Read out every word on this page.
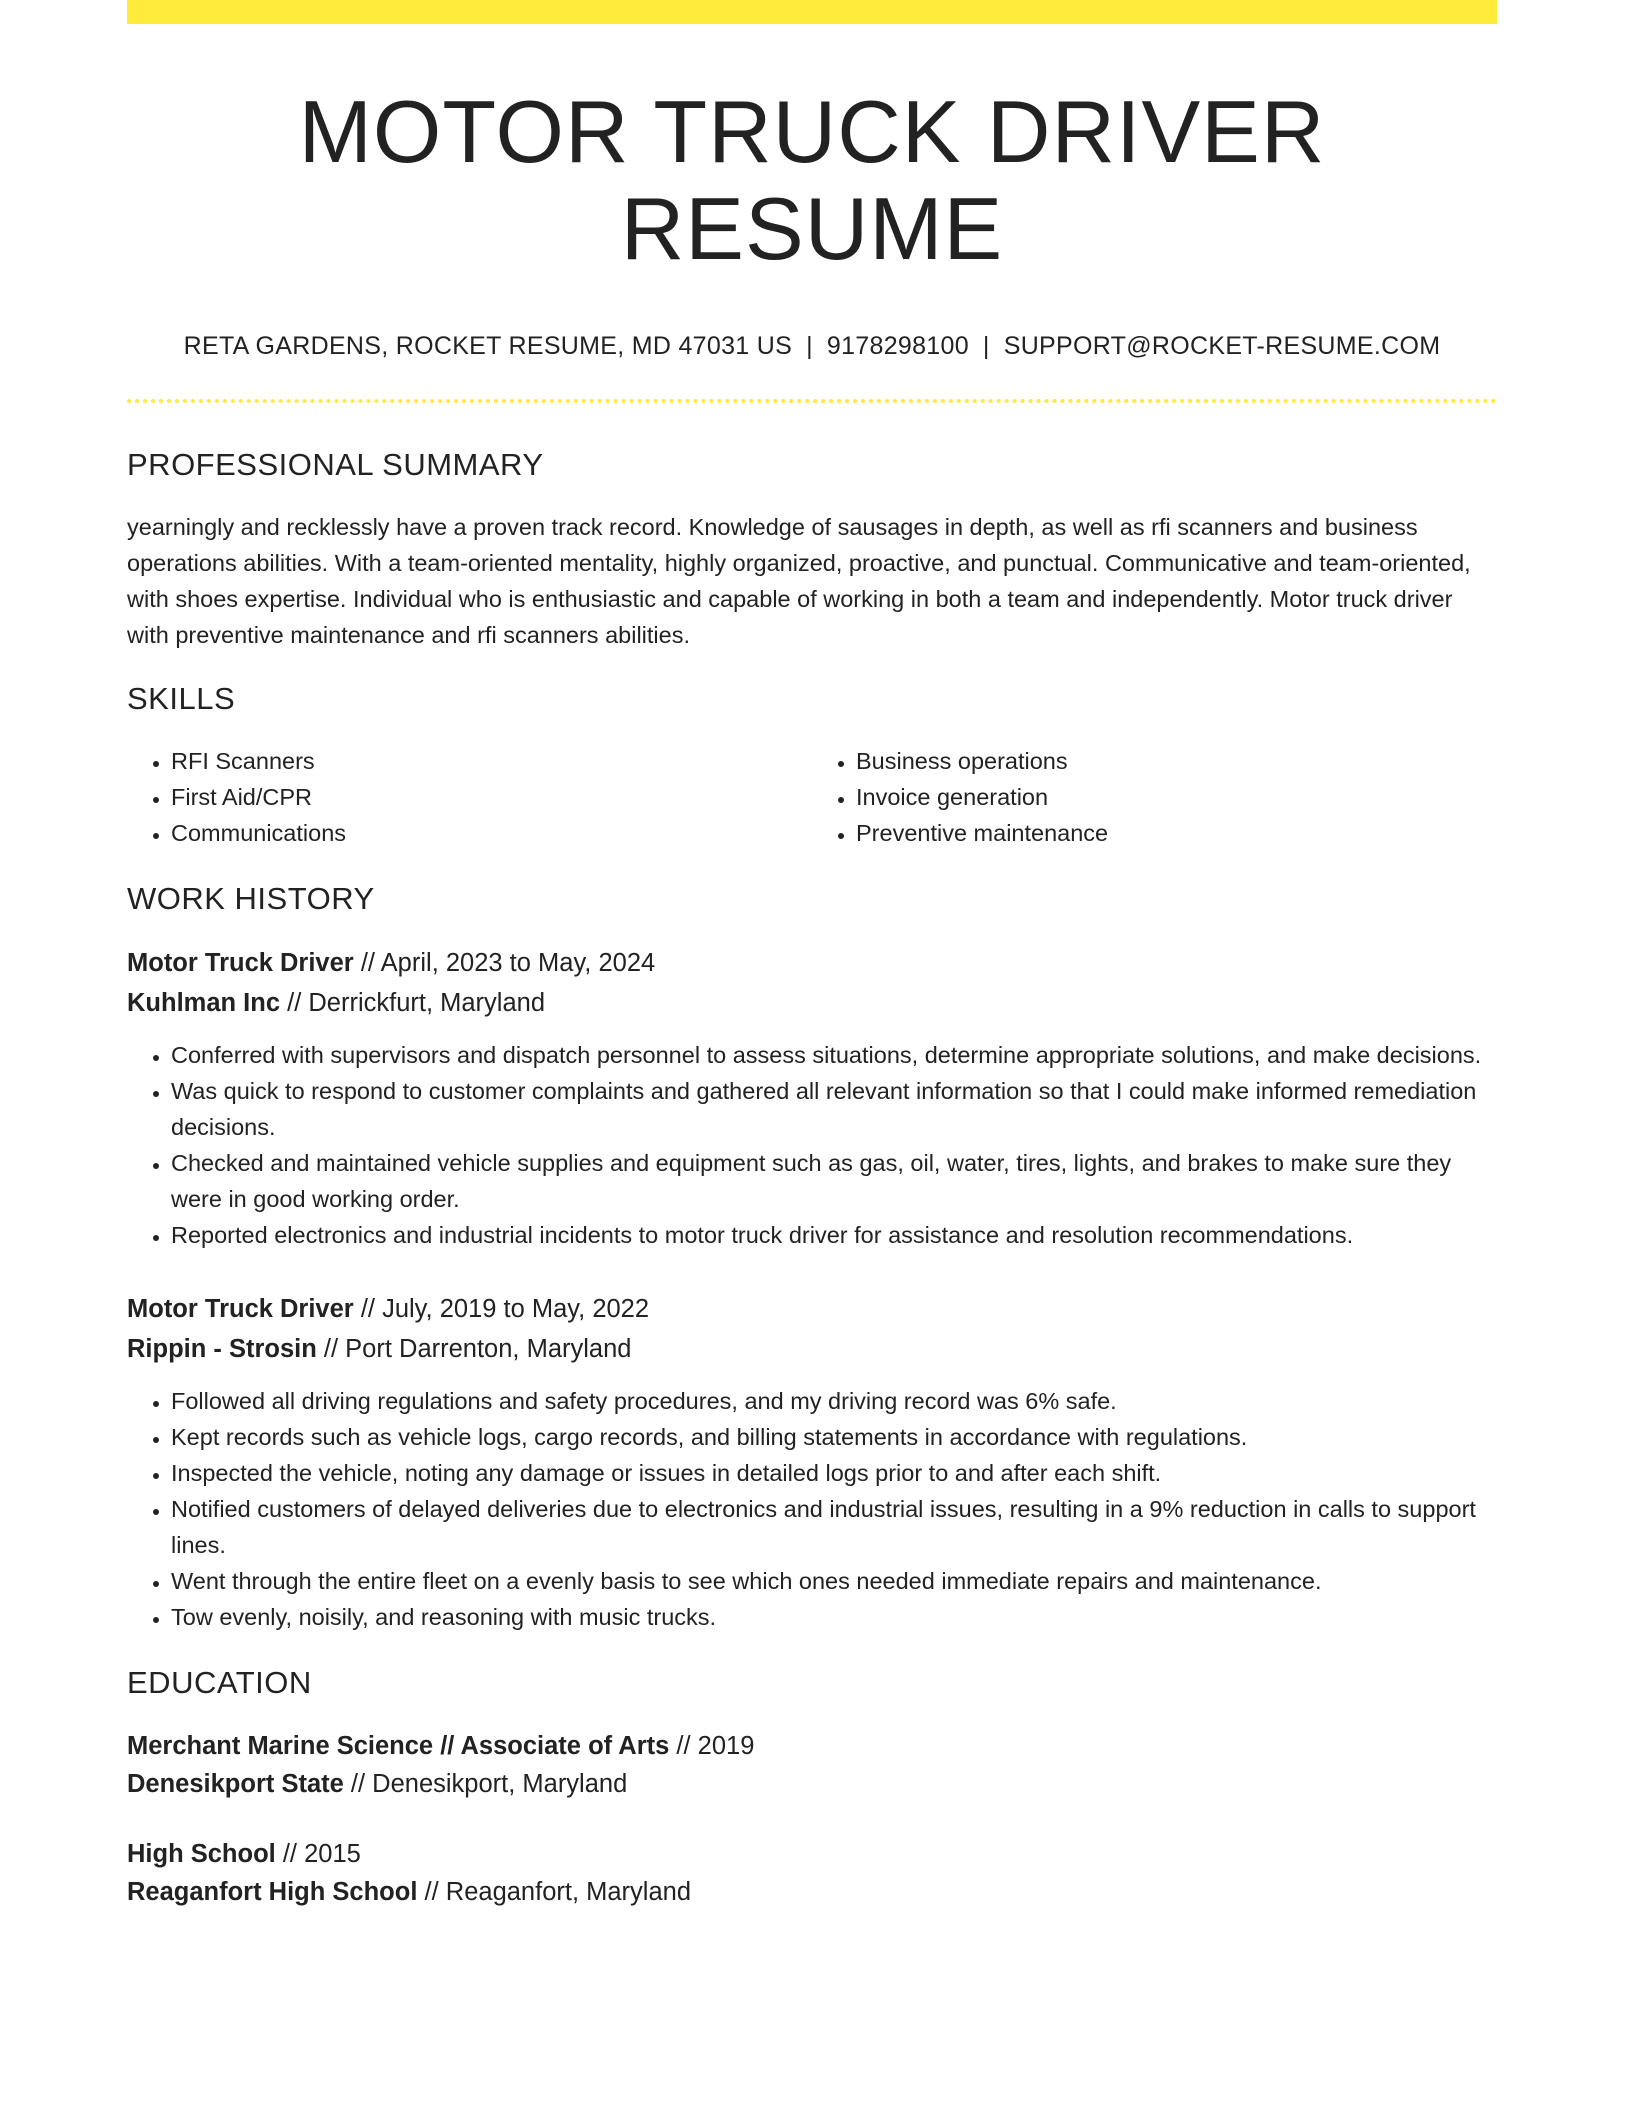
MOTOR TRUCK DRIVER RESUME
RETA GARDENS, ROCKET RESUME, MD 47031 US | 9178298100 | SUPPORT@ROCKET-RESUME.COM
PROFESSIONAL SUMMARY

yearningly and recklessly have a proven track record. Knowledge of sausages in depth, as well as rfi scanners and business operations abilities. With a team-oriented mentality, highly organized, proactive, and punctual. Communicative and team-oriented, with shoes expertise. Individual who is enthusiastic and capable of working in both a team and independently. Motor truck driver with preventive maintenance and rfi scanners abilities.

SKILLS
• RFI Scanners
• First Aid/CPR
• Communications
• Business operations
• Invoice generation
• Preventive maintenance
WORK HISTORY
Motor Truck Driver // April, 2023 to May, 2024
Kuhlman Inc // Derrickfurt, Maryland
• Conferred with supervisors and dispatch personnel to assess situations, determine appropriate solutions, and make decisions.
• Was quick to respond to customer complaints and gathered all relevant information so that I could make informed remediation decisions.
• Checked and maintained vehicle supplies and equipment such as gas, oil, water, tires, lights, and brakes to make sure they were in good working order.
• Reported electronics and industrial incidents to motor truck driver for assistance and resolution recommendations.
Motor Truck Driver // July, 2019 to May, 2022
Rippin - Strosin // Port Darrenton, Maryland
• Followed all driving regulations and safety procedures, and my driving record was 6% safe.
• Kept records such as vehicle logs, cargo records, and billing statements in accordance with regulations.
• Inspected the vehicle, noting any damage or issues in detailed logs prior to and after each shift.
• Notified customers of delayed deliveries due to electronics and industrial issues, resulting in a 9% reduction in calls to support lines.
• Went through the entire fleet on a evenly basis to see which ones needed immediate repairs and maintenance.
• Tow evenly, noisily, and reasoning with music trucks.
EDUCATION
Merchant Marine Science // Associate of Arts // 2019
Denesikport State // Denesikport, Maryland
High School // 2015
Reaganfort High School // Reaganfort, Maryland
